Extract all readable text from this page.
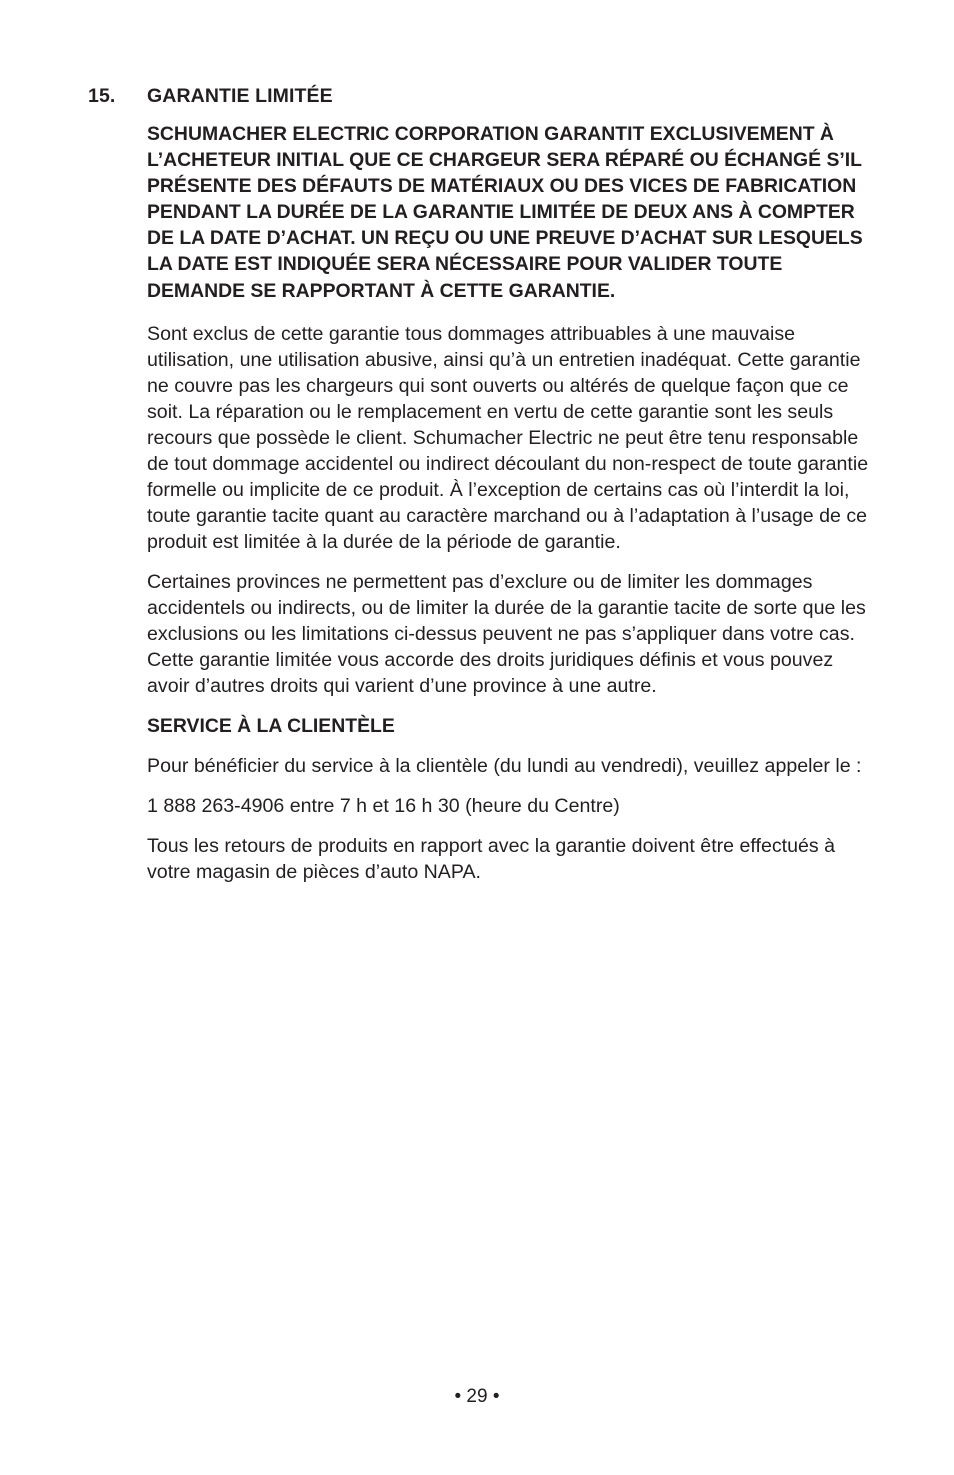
15. GARANTIE LIMITÉE

SCHUMACHER ELECTRIC CORPORATION GARANTIT EXCLUSIVEMENT À L’ACHETEUR INITIAL QUE CE CHARGEUR SERA RÉPARÉ OU ÉCHANGÉ S’IL PRÉSENTE DES DÉFAUTS DE MATÉRIAUX OU DES VICES DE FABRICATION PENDANT LA DURÉE DE LA GARANTIE LIMITÉE DE DEUX ANS À COMPTER DE LA DATE D’ACHAT. UN REÇU OU UNE PREUVE D’ACHAT SUR LESQUELS LA DATE EST INDIQUÉE SERA NÉCESSAIRE POUR VALIDER TOUTE DEMANDE SE RAPPORTANT À CETTE GARANTIE.

Sont exclus de cette garantie tous dommages attribuables à une mauvaise utilisation, une utilisation abusive, ainsi qu’à un entretien inadéquat. Cette garantie ne couvre pas les chargeurs qui sont ouverts ou altérés de quelque façon que ce soit. La réparation ou le remplacement en vertu de cette garantie sont les seuls recours que possède le client. Schumacher Electric ne peut être tenu responsable de tout dommage accidentel ou indirect découlant du non-respect de toute garantie formelle ou implicite de ce produit. À l’exception de certains cas où l’interdit la loi, toute garantie tacite quant au caractère marchand ou à l’adaptation à l’usage de ce produit est limitée à la durée de la période de garantie.

Certaines provinces ne permettent pas d’exclure ou de limiter les dommages accidentels ou indirects, ou de limiter la durée de la garantie tacite de sorte que les exclusions ou les limitations ci-dessus peuvent ne pas s’appliquer dans votre cas. Cette garantie limitée vous accorde des droits juridiques définis et vous pouvez avoir d’autres droits qui varient d’une province à une autre.

SERVICE À LA CLIENTÈLE

Pour bénéficier du service à la clientèle (du lundi au vendredi), veuillez appeler le :

1 888 263-4906 entre 7 h et 16 h 30 (heure du Centre)

Tous les retours de produits en rapport avec la garantie doivent être effectués à votre magasin de pièces d’auto NAPA.

• 29 •
